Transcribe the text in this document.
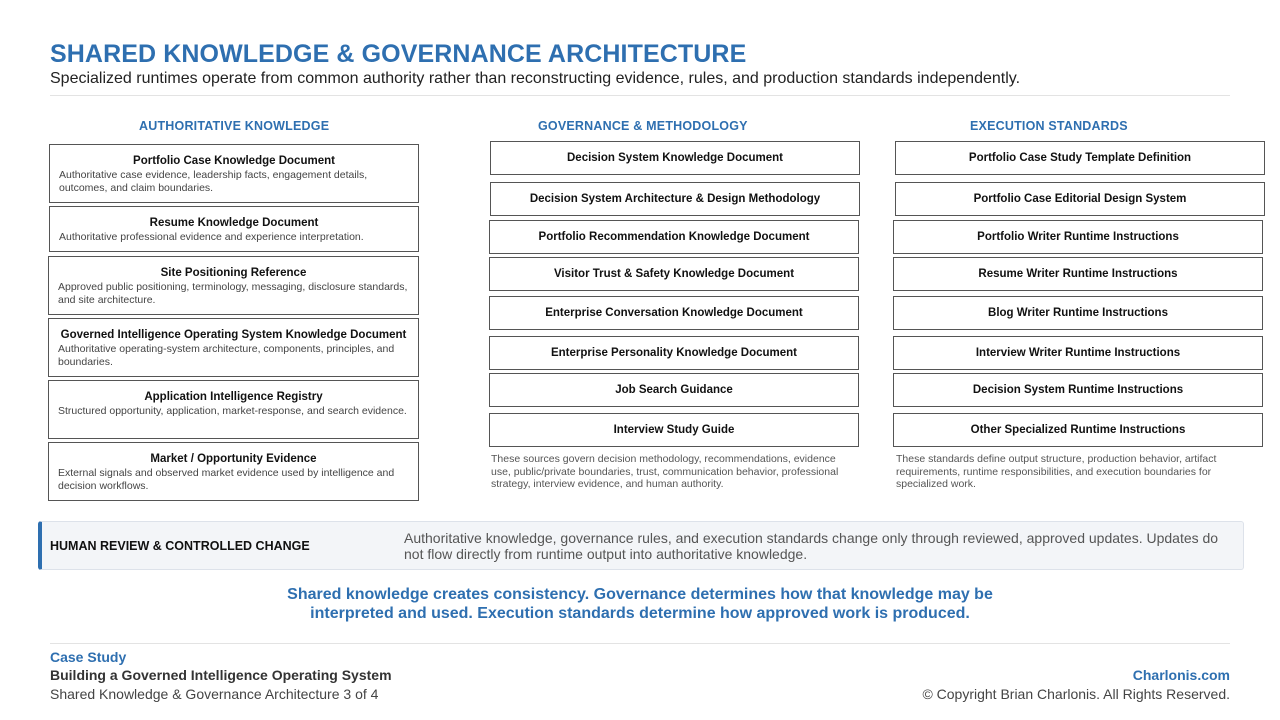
SHARED KNOWLEDGE & GOVERNANCE ARCHITECTURE
Specialized runtimes operate from common authority rather than reconstructing evidence, rules, and production standards independently.
AUTHORITATIVE KNOWLEDGE	GOVERNANCE & METHODOLOGY	EXECUTION STANDARDS
Portfolio Case Knowledge Document
Authoritative case evidence, leadership facts, engagement details, outcomes, and claim boundaries.
Resume Knowledge Document
Authoritative professional evidence and experience interpretation.
Site Positioning Reference
Approved public positioning, terminology, messaging, disclosure standards, and site architecture.
Governed Intelligence Operating System Knowledge Document
Authoritative operating-system architecture, components, principles, and boundaries.
Application Intelligence Registry
Structured opportunity, application, market-response, and search evidence.
Market / Opportunity Evidence
External signals and observed market evidence used by intelligence and decision workflows.
Decision System Knowledge Document
Decision System Architecture & Design Methodology
Portfolio Recommendation Knowledge Document
Visitor Trust & Safety Knowledge Document
Enterprise Conversation Knowledge Document
Enterprise Personality Knowledge Document
Job Search Guidance
Interview Study Guide
These sources govern decision methodology, recommendations, evidence use, public/private boundaries, trust, communication behavior, professional strategy, interview evidence, and human authority.
Portfolio Case Study Template Definition
Portfolio Case Editorial Design System
Portfolio Writer Runtime Instructions
Resume Writer Runtime Instructions
Blog Writer Runtime Instructions
Interview Writer Runtime Instructions
Decision System Runtime Instructions
Other Specialized Runtime Instructions
These standards define output structure, production behavior, artifact requirements, runtime responsibilities, and execution boundaries for specialized work.
HUMAN REVIEW & CONTROLLED CHANGE	Authoritative knowledge, governance rules, and execution standards change only through reviewed, approved updates. Updates do not flow directly from runtime output into authoritative knowledge.
Shared knowledge creates consistency. Governance determines how that knowledge may be
interpreted and used. Execution standards determine how approved work is produced.
Case Study
Building a Governed Intelligence Operating System
Shared Knowledge & Governance Architecture 3 of 4
Charlonis.com
© Copyright Brian Charlonis. All Rights Reserved.
